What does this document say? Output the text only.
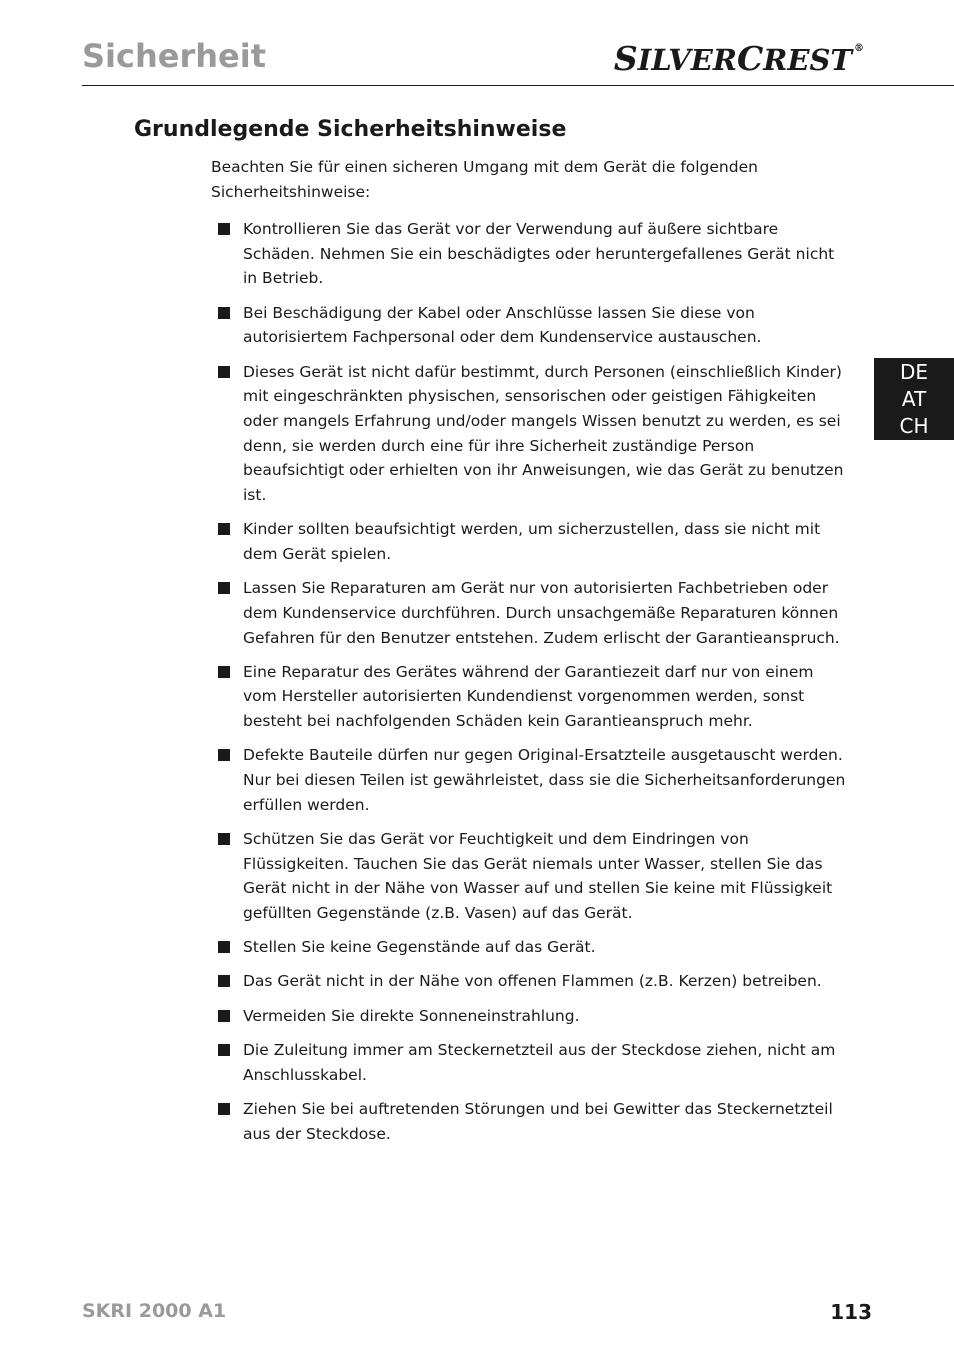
Sicherheit	SILVERCREST ®
Grundlegende Sicherheitshinweise

Beachten Sie für einen sicheren Umgang mit dem Gerät die folgenden Sicherheitshinweise:

Kontrollieren Sie das Gerät vor der Verwendung auf äußere sichtbare Schäden. Nehmen Sie ein beschädigtes oder heruntergefallenes Gerät nicht in Betrieb.
Bei Beschädigung der Kabel oder Anschlüsse lassen Sie diese von autorisiertem Fachpersonal oder dem Kundenservice austauschen.
Dieses Gerät ist nicht dafür bestimmt, durch Personen (einschließlich Kinder) mit eingeschränkten physischen, sensorischen oder geistigen Fähigkeiten oder mangels Erfahrung und/oder mangels Wissen benutzt zu werden, es sei denn, sie werden durch eine für ihre Sicherheit zuständige Person beaufsichtigt oder erhielten von ihr Anweisungen, wie das Gerät zu benutzen ist.
Kinder sollten beaufsichtigt werden, um sicherzustellen, dass sie nicht mit dem Gerät spielen.
Lassen Sie Reparaturen am Gerät nur von autorisierten Fachbetrieben oder dem Kundenservice durchführen. Durch unsachgemäße Reparaturen können Gefahren für den Benutzer entstehen. Zudem erlischt der Garantieanspruch.
Eine Reparatur des Gerätes während der Garantiezeit darf nur von einem vom Hersteller autorisierten Kundendienst vorgenommen werden, sonst besteht bei nachfolgenden Schäden kein Garantieanspruch mehr.
Defekte Bauteile dürfen nur gegen Original-Ersatzteile ausgetauscht werden. Nur bei diesen Teilen ist gewährleistet, dass sie die Sicherheitsanforderungen erfüllen werden.
Schützen Sie das Gerät vor Feuchtigkeit und dem Eindringen von Flüssigkeiten. Tauchen Sie das Gerät niemals unter Wasser, stellen Sie das Gerät nicht in der Nähe von Wasser auf und stellen Sie keine mit Flüssigkeit gefüllten Gegenstände (z.B. Vasen) auf das Gerät.
Stellen Sie keine Gegenstände auf das Gerät.
Das Gerät nicht in der Nähe von offenen Flammen (z.B. Kerzen) betreiben.
Vermeiden Sie direkte Sonneneinstrahlung.
Die Zuleitung immer am Steckernetzteil aus der Steckdose ziehen, nicht am Anschlusskabel.
Ziehen Sie bei auftretenden Störungen und bei Gewitter das Steckernetzteil aus der Steckdose.
DE
AT
CH
SKRI 2000 A1	113
